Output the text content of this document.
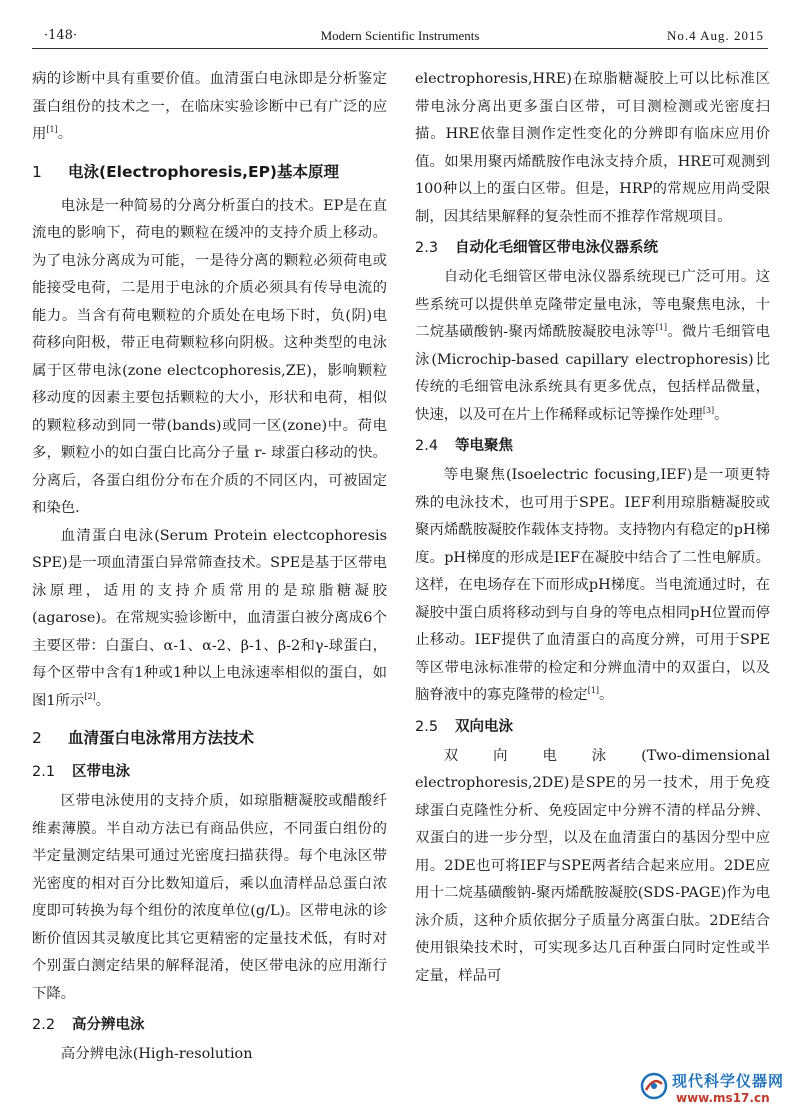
·148·	Modern Scientific Instruments	No.4 Aug. 2015

病的诊断中具有重要价值。血清蛋白电泳即是分析鉴定蛋白组份的技术之一，在临床实验诊断中已有广泛的应用[1]。

1 电泳(Electrophoresis,EP)基本原理

电泳是一种简易的分离分析蛋白的技术。EP是在直流电的影响下，荷电的颗粒在缓冲的支持介质上移动。为了电泳分离成为可能，一是待分离的颗粒必须荷电或能接受电荷，二是用于电泳的介质必须具有传导电流的能力。当含有荷电颗粒的介质处在电场下时，负(阴)电荷移向阳极，带正电荷颗粒移向阴极。这种类型的电泳属于区带电泳(zone electcophoresis,ZE)，影响颗粒移动度的因素主要包括颗粒的大小，形状和电荷，相似的颗粒移动到同一带(bands)或同一区(zone)中。荷电多，颗粒小的如白蛋白比高分子量 r- 球蛋白移动的快。分离后，各蛋白组份分布在介质的不同区内，可被固定和染色．

血清蛋白电泳(Serum Protein electcophoresis SPE)是一项血清蛋白异常筛查技术。SPE是基于区带电泳原理，适用的支持介质常用的是琼脂糖凝胶(agarose)。在常规实验诊断中，血清蛋白被分离成6个主要区带：白蛋白、α-1、α-2、β-1、β-2和γ-球蛋白，每个区带中含有1种或1种以上电泳速率相似的蛋白，如图1所示[2]。

2 血清蛋白电泳常用方法技术
2.1 区带电泳

区带电泳使用的支持介质，如琼脂糖凝胶或醋酸纤维素薄膜。半自动方法已有商品供应，不同蛋白组份的半定量测定结果可通过光密度扫描获得。每个电泳区带光密度的相对百分比数知道后，乘以血清样品总蛋白浓度即可转换为每个组份的浓度单位(g/L)。区带电泳的诊断价值因其灵敏度比其它更精密的定量技术低，有时对个别蛋白测定结果的解释混淆，使区带电泳的应用渐行下降。

2.2 高分辨电泳

高分辨电泳(High-resolution

electrophoresis,HRE)在琼脂糖凝胶上可以比标准区带电泳分离出更多蛋白区带，可目测检测或光密度扫描。HRE依靠目测作定性变化的分辨即有临床应用价值。如果用聚丙烯酰胺作电泳支持介质，HRE可观测到100种以上的蛋白区带。但是，HRP的常规应用尚受限制，因其结果解释的复杂性而不推荐作常规项目。

2.3 自动化毛细管区带电泳仪器系统

自动化毛细管区带电泳仪器系统现已广泛可用。这些系统可以提供单克隆带定量电泳，等电聚焦电泳，十二烷基磺酸钠-聚丙烯酰胺凝胶电泳等[1]。微片毛细管电泳(Microchip-based capillary electrophoresis)比传统的毛细管电泳系统具有更多优点，包括样品微量，快速，以及可在片上作稀释或标记等操作处理[3]。

2.4 等电聚焦

等电聚焦(Isoelectric focusing,IEF)是一项更特殊的电泳技术，也可用于SPE。IEF利用琼脂糖凝胶或聚丙烯酰胺凝胶作载体支持物。支持物内有稳定的pH梯度。pH梯度的形成是IEF在凝胶中结合了二性电解质。这样，在电场存在下而形成pH梯度。当电流通过时，在凝胶中蛋白质将移动到与自身的等电点相同pH位置而停止移动。IEF提供了血清蛋白的高度分辨，可用于SPE等区带电泳标准带的检定和分辨血清中的双蛋白，以及脑脊液中的寡克隆带的检定[1]。

2.5 双向电泳

双向电泳(Two-dimensional electrophoresis,2DE)是SPE的另一技术，用于免疫球蛋白克隆性分析、免疫固定中分辨不清的样品分辨、双蛋白的进一步分型，以及在血清蛋白的基因分型中应用。2DE也可将IEF与SPE两者结合起来应用。2DE应用十二烷基磺酸钠-聚丙烯酰胺凝胶(SDS-PAGE)作为电泳介质，这种介质依据分子质量分离蛋白肽。2DE结合使用银染技术时，可实现多达几百种蛋白同时定性或半定量，样品可

现代科学仪器网
www.ms17.cn
